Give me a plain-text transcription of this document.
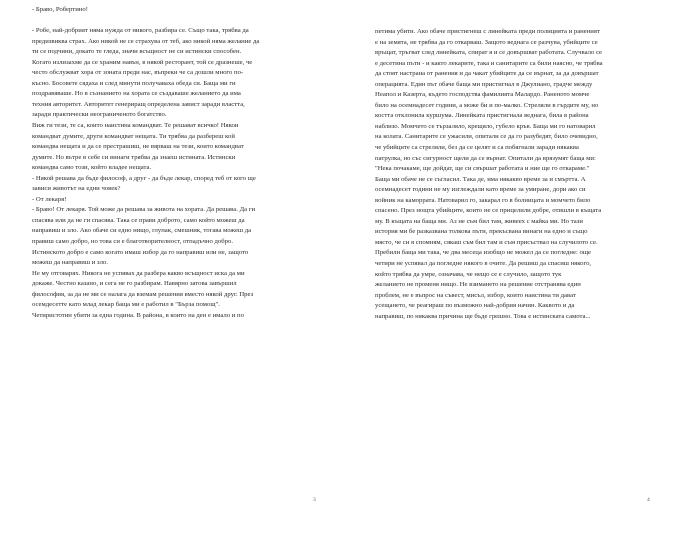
- Браво, Робертино!
- Робе, най-добрият няма нужда от никого, разбира се. Също така, трябва да
предизвиква страх. Ако никой не се страхува от теб, ако никой няма желание да
ти се подчини, докато те гледа, значи всъщност не си истински способен.
Когато излизахме да се храним навън, в някой ресторант, той се дразнеше, че
често обслужват хора от зоната преди нас, въпреки че са дошли много по-
късно. Босовете сядаха и след минути получаваха обеда си. Баща ми ги
поздравяваше. Но в съзнанието на хората се създаваше желанието да има
техния авторитет. Авторитет генериращ определена завист заради властта,
заради практически неограниченото богатство.
Виж ги тези, те са, които наистина командват. Те решават всичко! Някои
командват думите, други командват нещата. Ти трябва да разбереш кой
командва нещата и да се престрашиш, не вярваш на тези, които командват
думите. Но вътре в себе си винаги трябва да знаеш истината. Истински
командва само този, който владее нещата.
- Някой решава да бъде философ, а друг - да бъде лекар, според теб от кого ще
зависи животът на едни човек?
- От лекаря!
- Браво! От лекаря. Той може да решава за живота на хората. Да решава. Да ги
спасява или да не ги спасява. Така се прави доброто, само който можеш да
направиш и зло. Ако обаче си едно нищо, глупак, смешник, тогава можеш да
правиш само добро, но това си е благотворителност, отпадъчно добро.
Истинското добро е само когато имаш избор да го направиш или не, защото
можеш да направиш и зло.
Не му отговарях. Никога не успявах да разбера какво всъщност иска да ми
докаже. Честно казано, и сега не го разбирам. Навярно затова завършил
философия, за да не ми се налага да вземам решения вместо някой друг. През
осемдесетте като млад лекар баща ми е работил в "Бърза помощ".
Четиристотин убити за една година. В районa, в които на ден е имало и по
3
петима убити. Ако обаче пристигнеш с линейката преди полицията и раненият
е на земята, не трябва да го откарваш. Защото веднага се разчува, убийците се
връщат, тръгват след линейката, спират я и се довършват работата. Случвало се
е десетина пъти - и както лекарите, така и санитарите са били наясно, че трябва
да стоят настрана от ранения и да чакат убийците да се върнат, за да довършат
операцията. Един път обаче баща ми пристигнал в Джулиано, градче между
Неапол и Казерта, където господства фамилията Малардо. Раненото момче
било на осемнадесет години, а може би и по-малко. Стреляли в гърдите му, но
костта отклонила куршума. Линейката пристигнала веднага, била в района
наблизо. Момчето се тързаляло, крещяло, губело кръв. Баща ми го натоварил
на колата. Санитарите се ужасили, опитали се да го разубедят, било очевидно,
че убийците са стреляли, без да се целят и са побягнали заради някаква
патрулка, но със сигурност щели да се върнат. Опитали да врязумят баща ми:
"Нека почакаме, ще дойдат, ще си свършат работата и ние ще го откараме."
Баща ми обаче не се съгласил. Така де, има някакво време за и смъртта. А
осемнадесет години не му изглеждали като време за умиране, дори ако си
войник на каморрата. Натоварил го, закарал го в болницата и момчето било
спасено. През нощта убийците, които не се прицелили добре, отишли в къщата
му. В къщата на баща ми. Аз не съм бил там, живеех с майка ми. Но тази
история ми бе разказвана толкова пъти, прекъсвана винаги на едно и също
място, че си я спомням, сякаш съм бил там и съм присъствал на случилото се.
Пребили баща ми така, че два месеца изобщо не можел да се погледне: още
четири не успявал да погледне някого в очите. Да решиш да спасиш някого,
който трябва да умре, означава, че нещо се е случило, защото тук
желанието не променя нищо. Не взимането на решение отстранява един
проблем, не е въпрос на съвест, мисъл, избор, които наистина ти дават
усещането, че реагираш по възможно най-добрия начин. Каквото и да
направиш, по някаква причина ще бъде грешно. Това е истинската самота...
4
